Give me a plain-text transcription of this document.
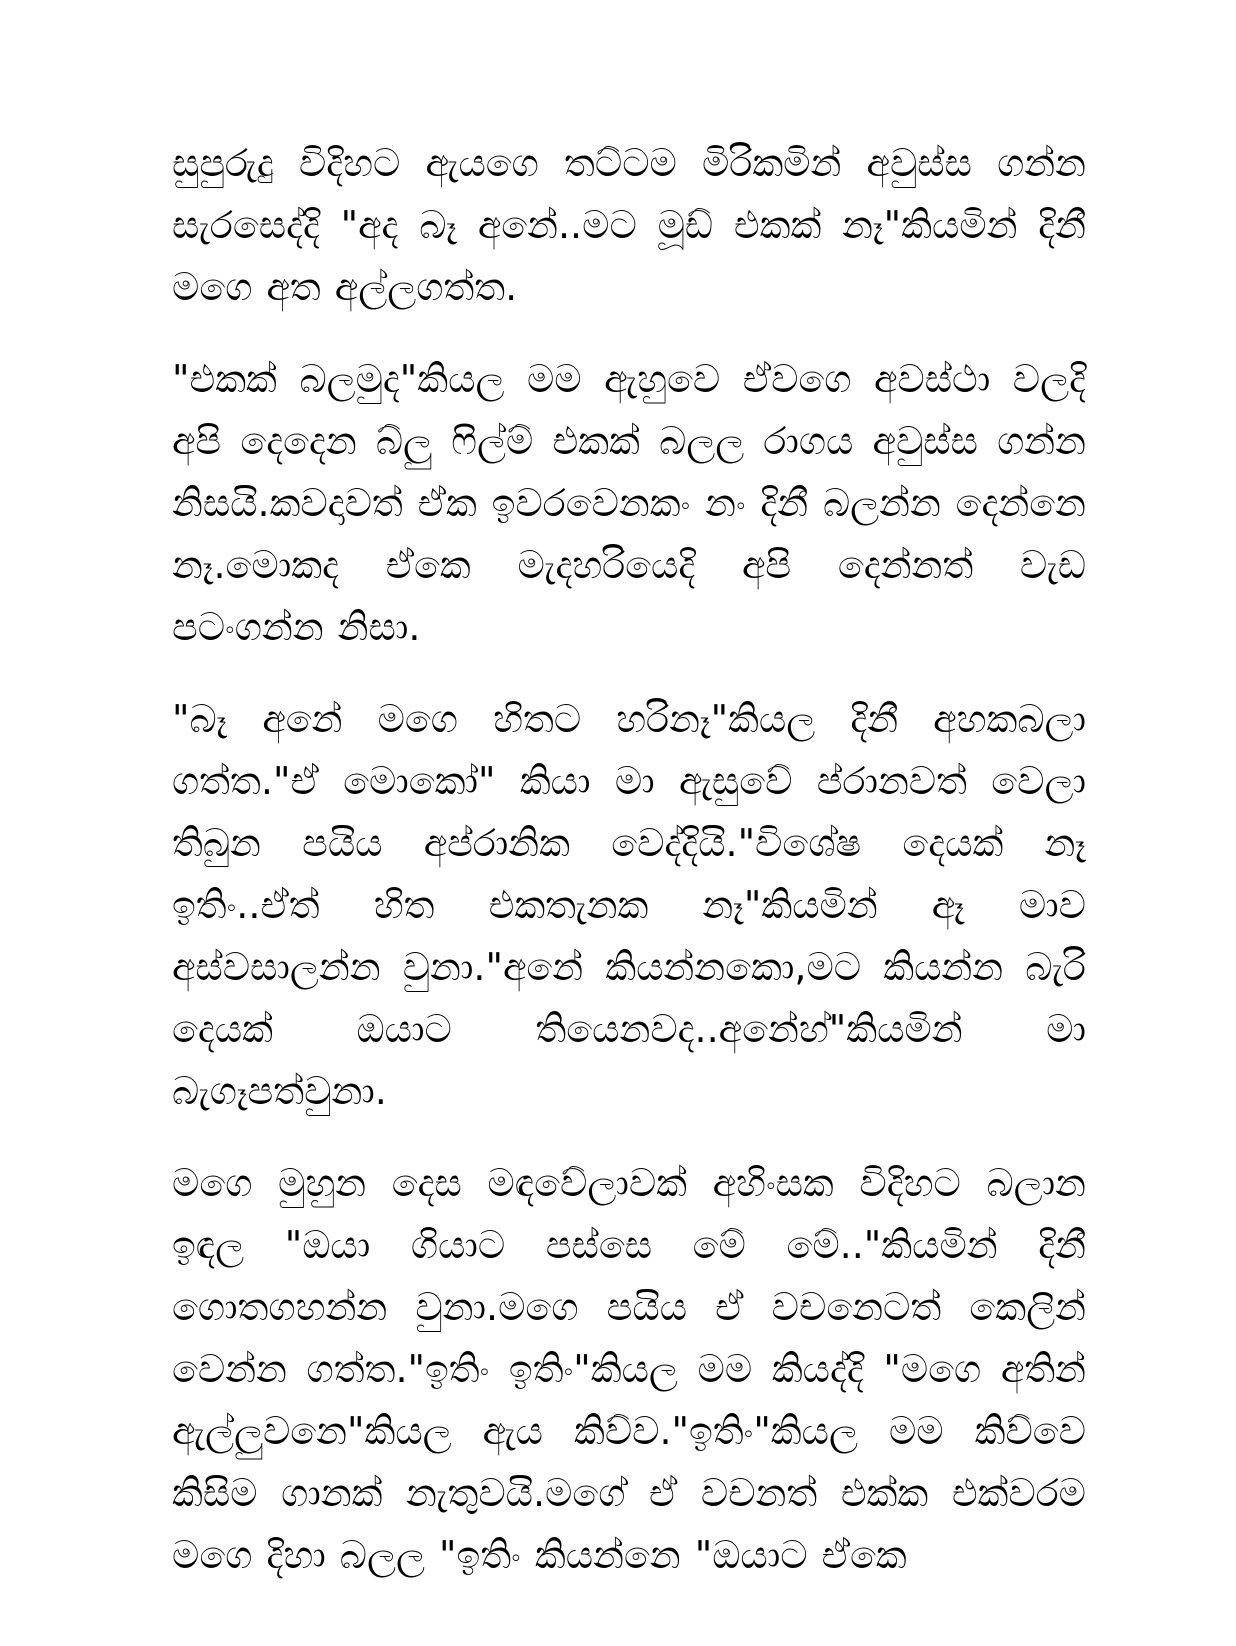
සුපුරුදු විදිහට ඇයගෙ තට්ටම මිරිකමින් අවුස්ස ගන්න සැරසෙද්දි "අද බෑ අනේ..මට මූඩ් එකක් නෑ"කියමින් දිනී මගෙ අත අල්ලගත්ත.

"එකක් බලමුද"කියල මම ඇහුවෙ ඒවගෙ අවස්ථා වලදි අපි දෙදෙන බ්ලු ෆිල්ම් එකක් බලල රාගය අවුස්ස ගන්න නිසයි.කවදාවත් ඒක ඉවරවෙනකං නං දිනී බලන්න දෙන්නෙ නෑ.මොකද ඒකෙ මැදහරියෙදි අපි දෙන්නත් වැඩ පටංගන්න නිසා.

"බෑ අනේ මගෙ හිතට හරිනෑ"කියල දිනී අහකබලා ගත්ත."ඒ මොකෝ" කියා මා ඇසුවේ ප්රානවත් වෙලා තිබුන පයිය අප්රානික වෙද්දියි."විශේෂ දෙයක් නෑ ඉතිං..ඒත් හිත එකතැනක නෑ"කියමින් ඈ මාව අස්වසාලන්න වුනා."අනේ කියන්නකො,මට කියන්න බැරි දෙයක් ඔයාට තියෙනවද..අනේහ්"කියමින් මා බැගෑපත්වුනා.

මගෙ මුහුන දෙස මඳවේලාවක් අහිංසක විදිහට බලාන ඉඳල "ඔයා ගියාට පස්සෙ මේ මේ.."කියමින් දිනී ගොතගහන්න වුනා.මගෙ පයිය ඒ වචනෙටත් කෙලින් වෙන්න ගත්ත."ඉතිං ඉතිං"කියල මම කියද්දි "මගෙ අතින් ඇල්ලුවනෙ"කියල ඇය කිව්ව."ඉතිං"කියල මම කිව්වෙ කිසිම ගානක් නැතුවයි.මගේ ඒ වචනත් එක්ක එක්වරම මගෙ දිහා බලල "ඉතිං කියන්නෙ "ඔයාට ඒකෙ
